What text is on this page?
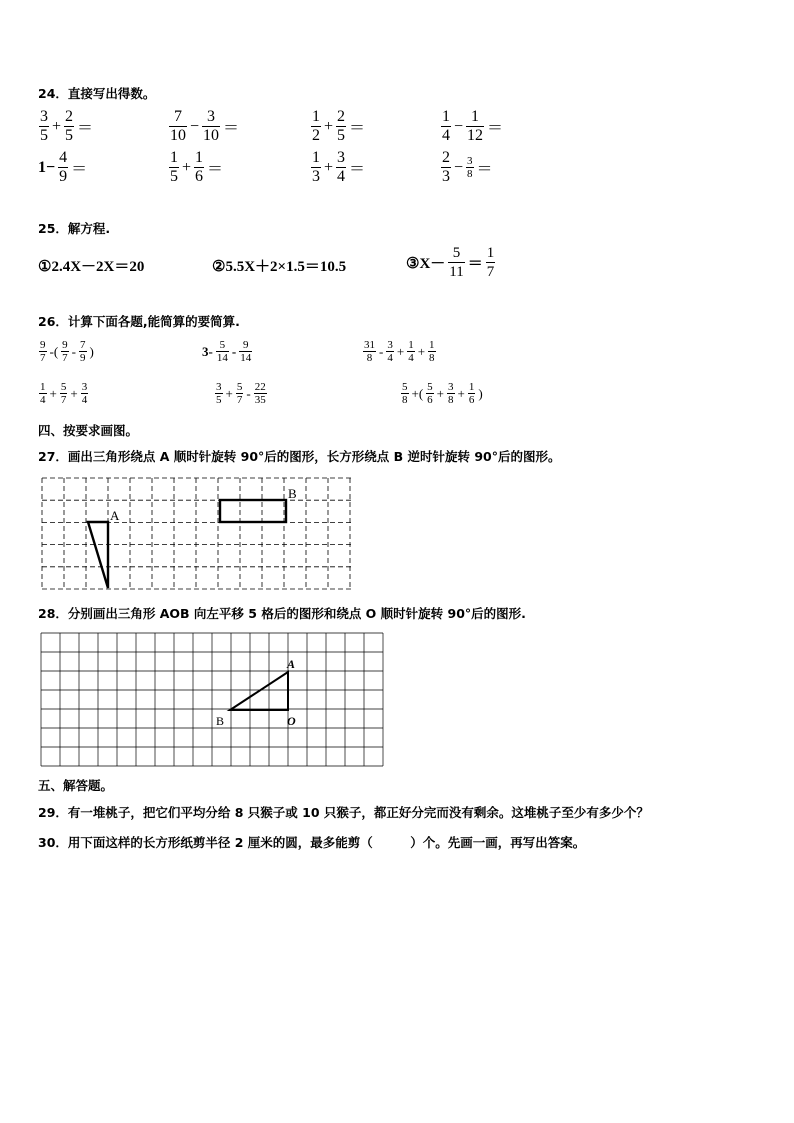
24．直接写出得数。
$\frac{3}{5} + \frac{2}{5}$ ＝	$\frac{7}{10} - \frac{3}{10}$ ＝	$\frac{1}{2} + \frac{2}{5}$ ＝	$\frac{1}{4} - \frac{1}{12}$ ＝
$1- \frac{4}{9}$ ＝	$\frac{1}{5} + \frac{1}{6}$ ＝	$\frac{1}{3} + \frac{3}{4}$ ＝	$\frac{2}{3} - \frac{3}{8}$ ＝
25．解方程.
①2.4X－2X＝20	②5.5X＋2×1.5＝10.5	③X－ $\frac{5}{11} = \frac{1}{7}$
26．计算下面各题,能简算的要简算.
$\frac{9}{7}$ -( $\frac{9}{7} - \frac{7}{9}$ )	$3- \frac{5}{14} - \frac{9}{14}$	$\frac{31}{8} - \frac{3}{4} + \frac{1}{4} + \frac{1}{8}$
$\frac{1}{4} + \frac{5}{7} + \frac{3}{4}$	$\frac{3}{5} + \frac{5}{7} - \frac{22}{35}$	$\frac{5}{8}$ +( $\frac{5}{6} + \frac{3}{8} + \frac{1}{6}$ )
四、按要求画图。
27．画出三角形绕点 A 顺时针旋转 90°后的图形，长方形绕点 B 逆时针旋转 90°后的图形。
A
B
28．分别画出三角形 AOB 向左平移 5 格后的图形和绕点 O 顺时针旋转 90°后的图形.
A
B	O
五、解答题。
29．有一堆桃子，把它们平均分给 8 只猴子或 10 只猴子，都正好分完而没有剩余。这堆桃子至少有多少个？
30．用下面这样的长方形纸剪半径 2 厘米的圆，最多能剪（　　　）个。先画一画，再写出答案。
